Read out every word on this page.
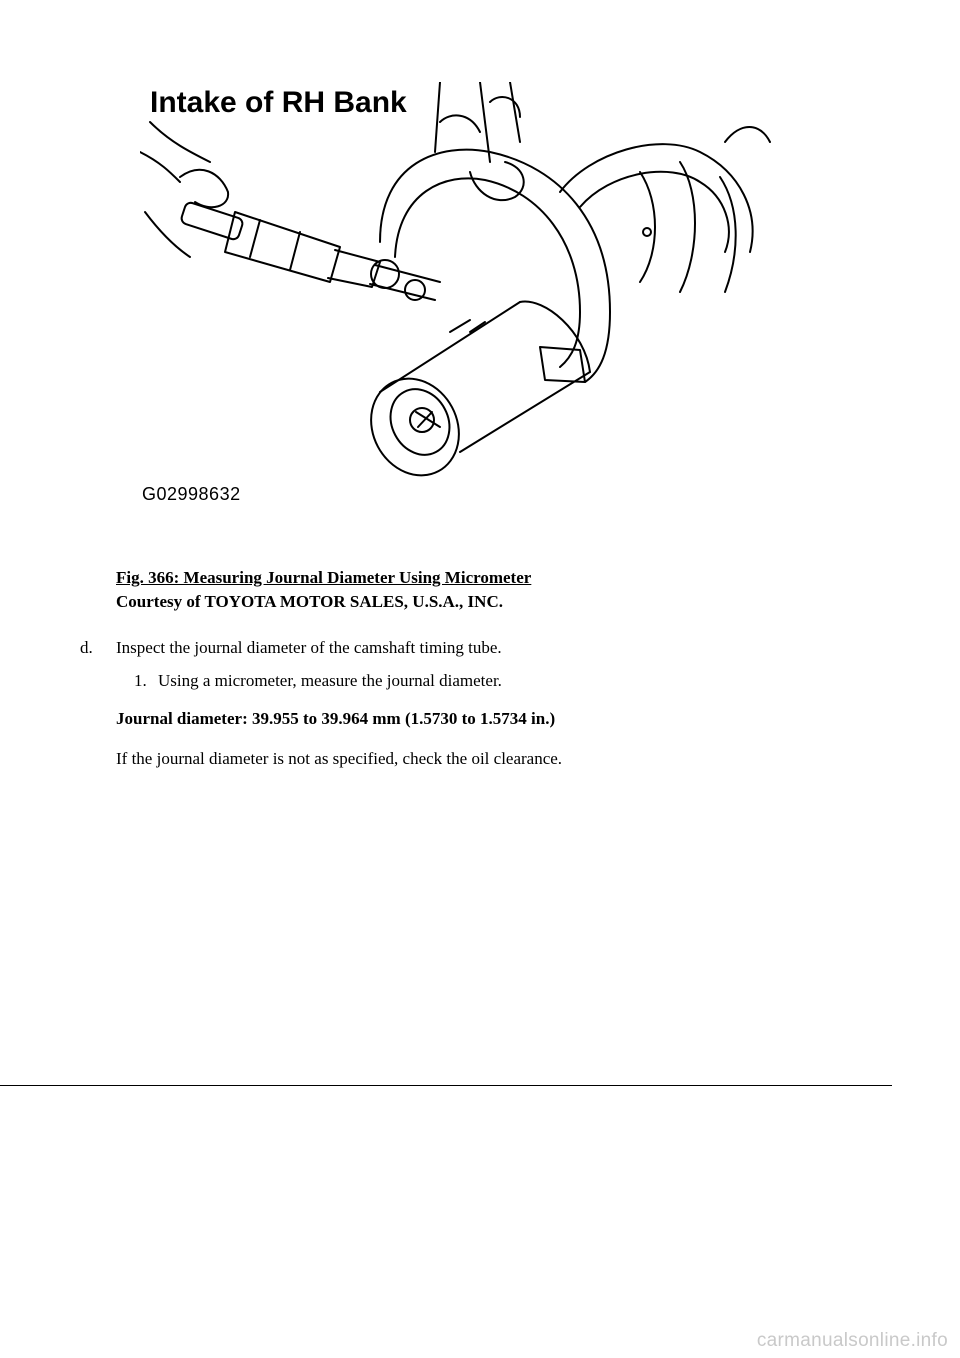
Intake of RH Bank
G02998632
Fig. 366: Measuring Journal Diameter Using Micrometer
Courtesy of TOYOTA MOTOR SALES, U.S.A., INC.
d. Inspect the journal diameter of the camshaft timing tube.
1. Using a micrometer, measure the journal diameter.
Journal diameter: 39.955 to 39.964 mm (1.5730 to 1.5734 in.)
If the journal diameter is not as specified, check the oil clearance.
carmanualsonline.info
